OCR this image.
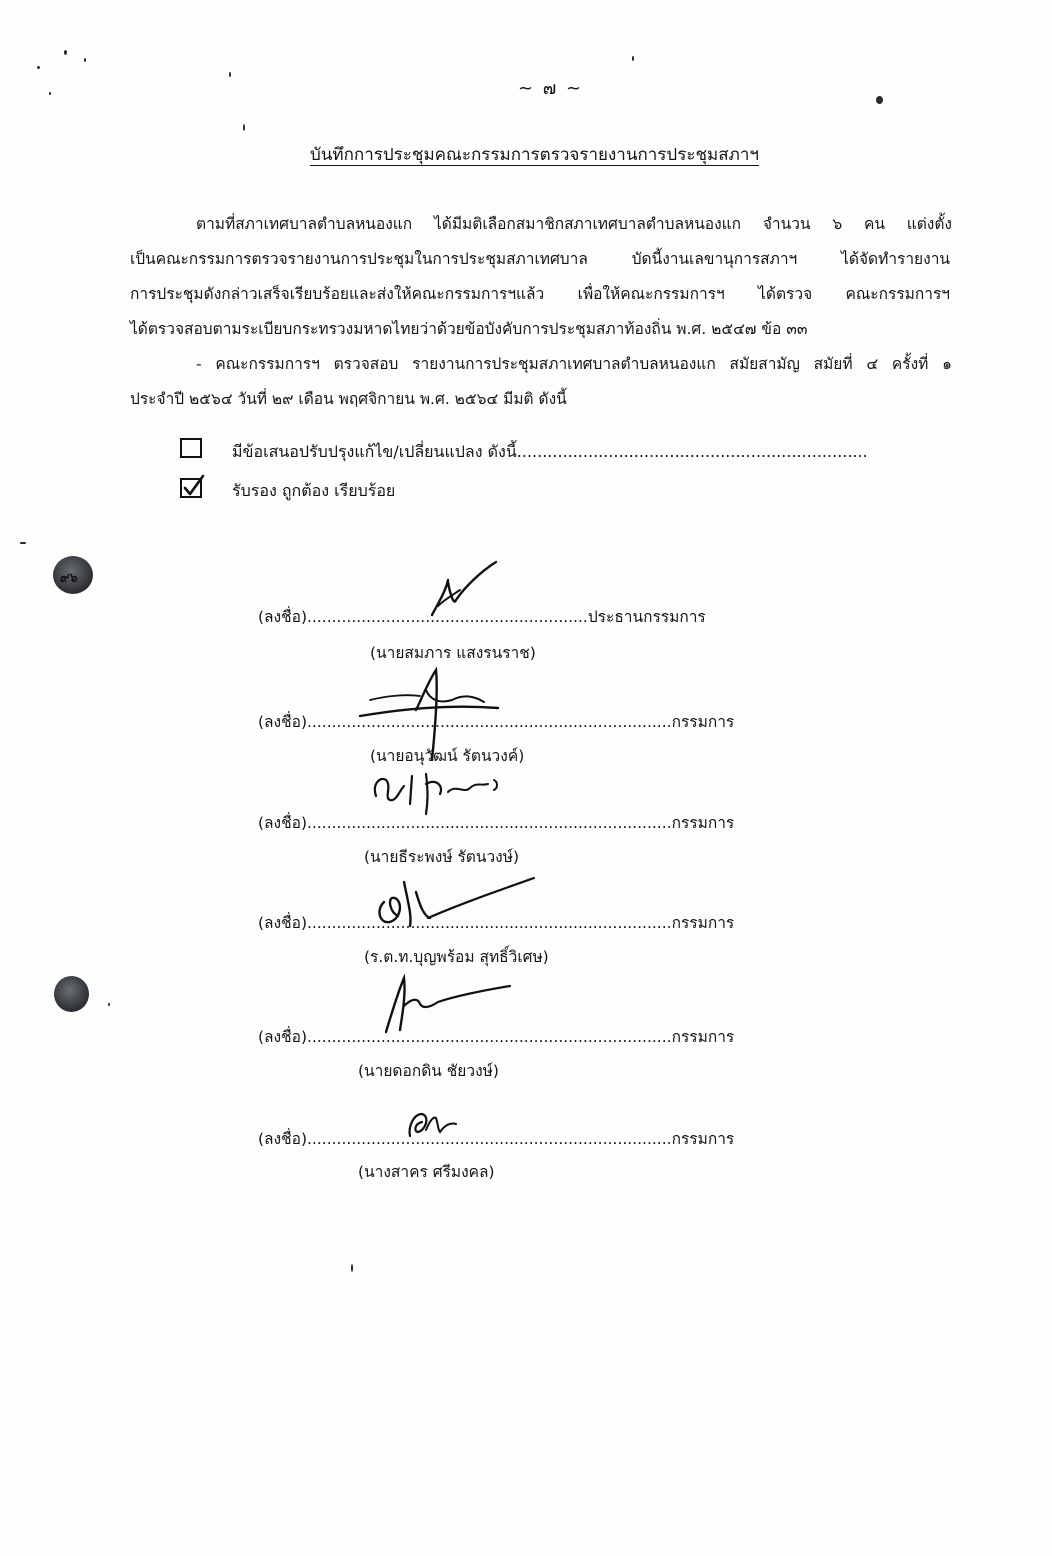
๙๖
~ ๗ ~
บันทึกการประชุมคณะกรรมการตรวจรายงานการประชุมสภาฯ
ตามที่สภาเทศบาลตำบลหนองแก ได้มีมติเลือกสมาชิกสภาเทศบาลตำบลหนองแก จำนวน ๖ คน แต่งตั้ง
เป็นคณะกรรมการตรวจรายงานการประชุมในการประชุมสภาเทศบาล บัดนี้งานเลขานุการสภาฯ ได้จัดทำรายงาน
การประชุมดังกล่าวเสร็จเรียบร้อยและส่งให้คณะกรรมการฯแล้ว เพื่อให้คณะกรรมการฯ ได้ตรวจ คณะกรรมการฯ
ได้ตรวจสอบตามระเบียบกระทรวงมหาดไทยว่าด้วยข้อบังคับการประชุมสภาท้องถิ่น พ.ศ. ๒๕๔๗ ข้อ ๓๓
- คณะกรรมการฯ ตรวจสอบ รายงานการประชุมสภาเทศบาลตำบลหนองแก สมัยสามัญ สมัยที่ ๔ ครั้งที่ ๑
ประจำปี ๒๕๖๔ วันที่ ๒๙ เดือน พฤศจิกายน พ.ศ. ๒๕๖๔ มีมติ ดังนี้
มีข้อเสนอปรับปรุงแก้ไข/เปลี่ยนแปลง ดังนี้.....................................................................
รับรอง ถูกต้อง เรียบร้อย
(ลงชื่อ).........................................................ประธานกรรมการ
(นายสมภาร แสงรนราช)
(ลงชื่อ)..........................................................................กรรมการ
(นายอนุวัฒน์ รัตนวงค์)
(ลงชื่อ)..........................................................................กรรมการ
(นายธีระพงษ์ รัตนวงษ์)
(ลงชื่อ)..........................................................................กรรมการ
(ร.ต.ท.บุญพร้อม สุทธิ์วิเศษ)
(ลงชื่อ)..........................................................................กรรมการ
(นายดอกดิน ชัยวงษ์)
(ลงชื่อ)..........................................................................กรรมการ
(นางสาคร ศรีมงคล)
